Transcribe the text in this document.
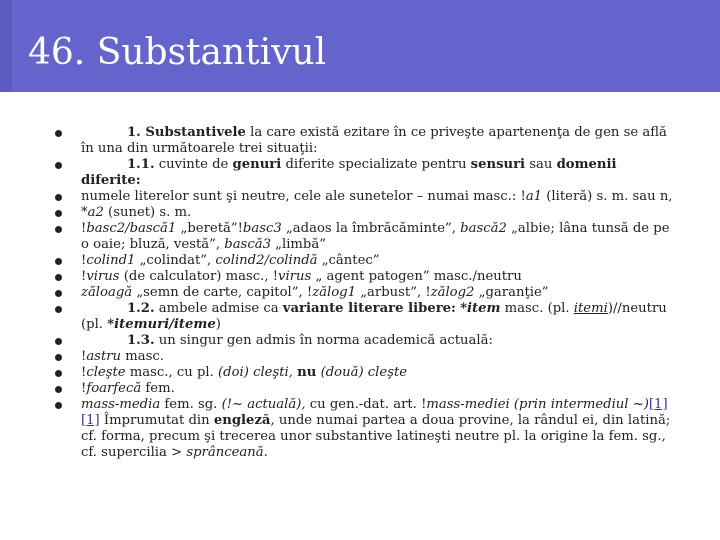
46. Substantivul
1. Substantivele la care există ezitare în ce priveşte apartenenţa de gen se află în una din următoarele trei situaţii:
1.1. cuvinte de genuri diferite specializate pentru sensuri sau domenii diferite:
numele literelor sunt şi neutre, cele ale sunetelor – numai masc.: !a1 (literă) s. m. sau n,
*a2 (sunet) s. m.
!basc2/bască1 „beretă”!basc3 „adaos la îmbrăcăminte”, bască2 „albie; lâna tunsă de pe o oaie; bluză, vestă”, bască3 „limbă”
!colind1 „colindat”, colind2/colindă „cântec”
!virus (de calculator) masc., !virus „ agent patogen” masc./neutru
zăloagă „semn de carte, capitol”, !zălog1 „arbust”, !zălog2 „garanţie”
1.2. ambele admise ca variante literare libere: *item masc. (pl. itemi)//neutru (pl. *itemuri/iteme)
1.3. un singur gen admis în norma academică actuală:
!astru masc.
!cleşte masc., cu pl. (doi) cleşti, nu (două) cleşte
!foarfecă fem.
mass-media fem. sg. (!~ actuală), cu gen.-dat. art. !mass-mediei (prin intermediul ~)[1] [1] Împrumutat din engleză, unde numai partea a doua provine, la rândul ei, din latină; cf. forma, precum şi trecerea unor substantive latineşti neutre pl. la origine la fem. sg., cf. supercilia > sprânceană.
